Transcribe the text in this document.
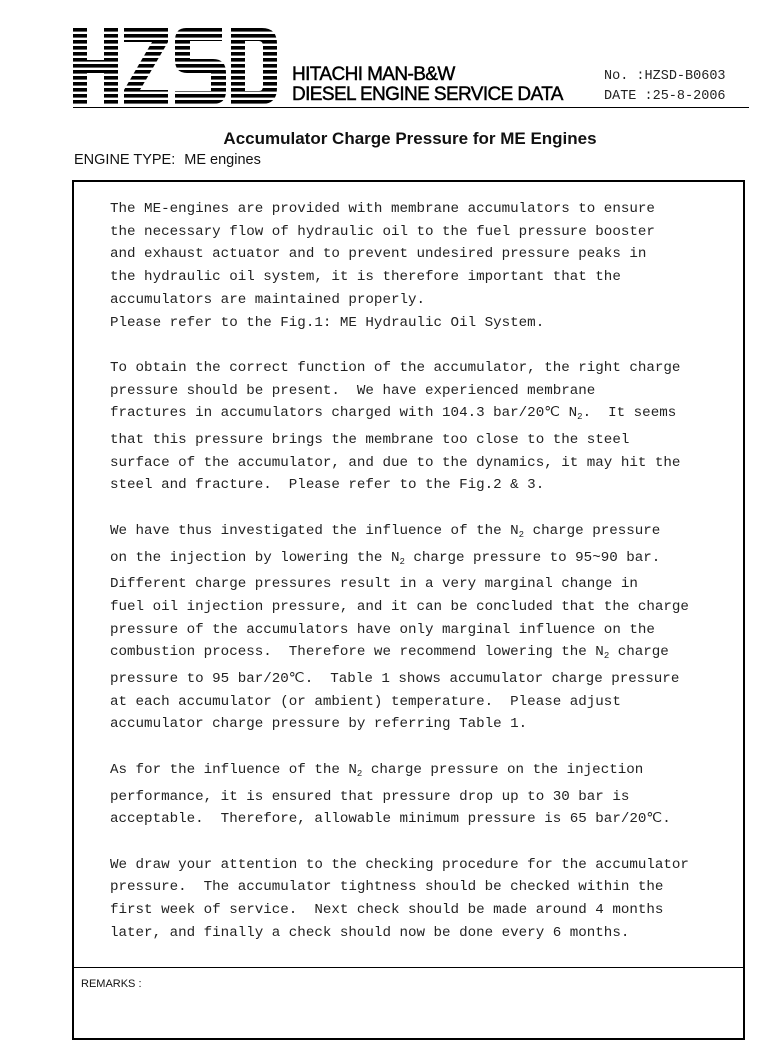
HITACHI MAN-B&W
DIESEL ENGINE SERVICE DATA
No. :HZSD-B0603
DATE :25-8-2006
Accumulator Charge Pressure for ME Engines
ENGINE TYPE: ME engines
The ME-engines are provided with membrane accumulators to ensure
the necessary flow of hydraulic oil to the fuel pressure booster
and exhaust actuator and to prevent undesired pressure peaks in
the hydraulic oil system, it is therefore important that the
accumulators are maintained properly.
Please refer to the Fig.1: ME Hydraulic Oil System.
To obtain the correct function of the accumulator, the right charge
pressure should be present.  We have experienced membrane
fractures in accumulators charged with 104.3 bar/20℃ $N_2$.  It seems
that this pressure brings the membrane too close to the steel
surface of the accumulator, and due to the dynamics, it may hit the
steel and fracture.  Please refer to the Fig.2 & 3.
We have thus investigated the influence of the $N_2$ charge pressure
on the injection by lowering the $N_2$ charge pressure to 95~90 bar.
Different charge pressures result in a very marginal change in
fuel oil injection pressure, and it can be concluded that the charge
pressure of the accumulators have only marginal influence on the
combustion process.  Therefore we recommend lowering the $N_2$ charge
pressure to 95 bar/20℃.  Table 1 shows accumulator charge pressure
at each accumulator (or ambient) temperature.  Please adjust
accumulator charge pressure by referring Table 1.
As for the influence of the $N_2$ charge pressure on the injection
performance, it is ensured that pressure drop up to 30 bar is
acceptable.  Therefore, allowable minimum pressure is 65 bar/20℃.
We draw your attention to the checking procedure for the accumulator
pressure.  The accumulator tightness should be checked within the
first week of service.  Next check should be made around 4 months
later, and finally a check should now be done every 6 months.
REMARKS :
